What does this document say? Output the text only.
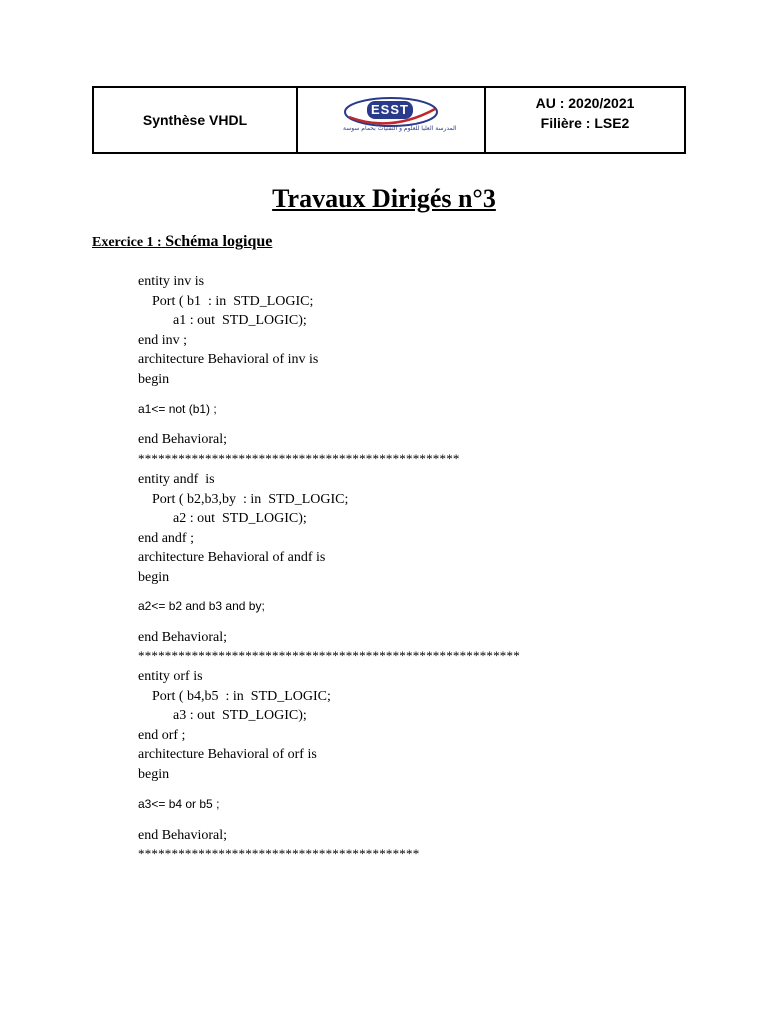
Synthèse VHDL
ESST
المدرسة العليا للعلوم و التقنيات بحمام سوسة
AU : 2020/2021
Filière : LSE2
Travaux Dirigés n°3
Exercice 1 : Schéma logique
entity inv is
Port ( b1  : in  STD_LOGIC;
a1 : out  STD_LOGIC);
end inv ;
architecture Behavioral of inv is
begin
a1<= not (b1) ;
end Behavioral;
************************************************
entity andf  is
Port ( b2,b3,by  : in  STD_LOGIC;
a2 : out  STD_LOGIC);
end andf ;
architecture Behavioral of andf is
begin
a2<= b2 and b3 and by;
end Behavioral;
*********************************************************
entity orf is
Port ( b4,b5  : in  STD_LOGIC;
a3 : out  STD_LOGIC);
end orf ;
architecture Behavioral of orf is
begin
a3<= b4 or b5 ;
end Behavioral;
******************************************
